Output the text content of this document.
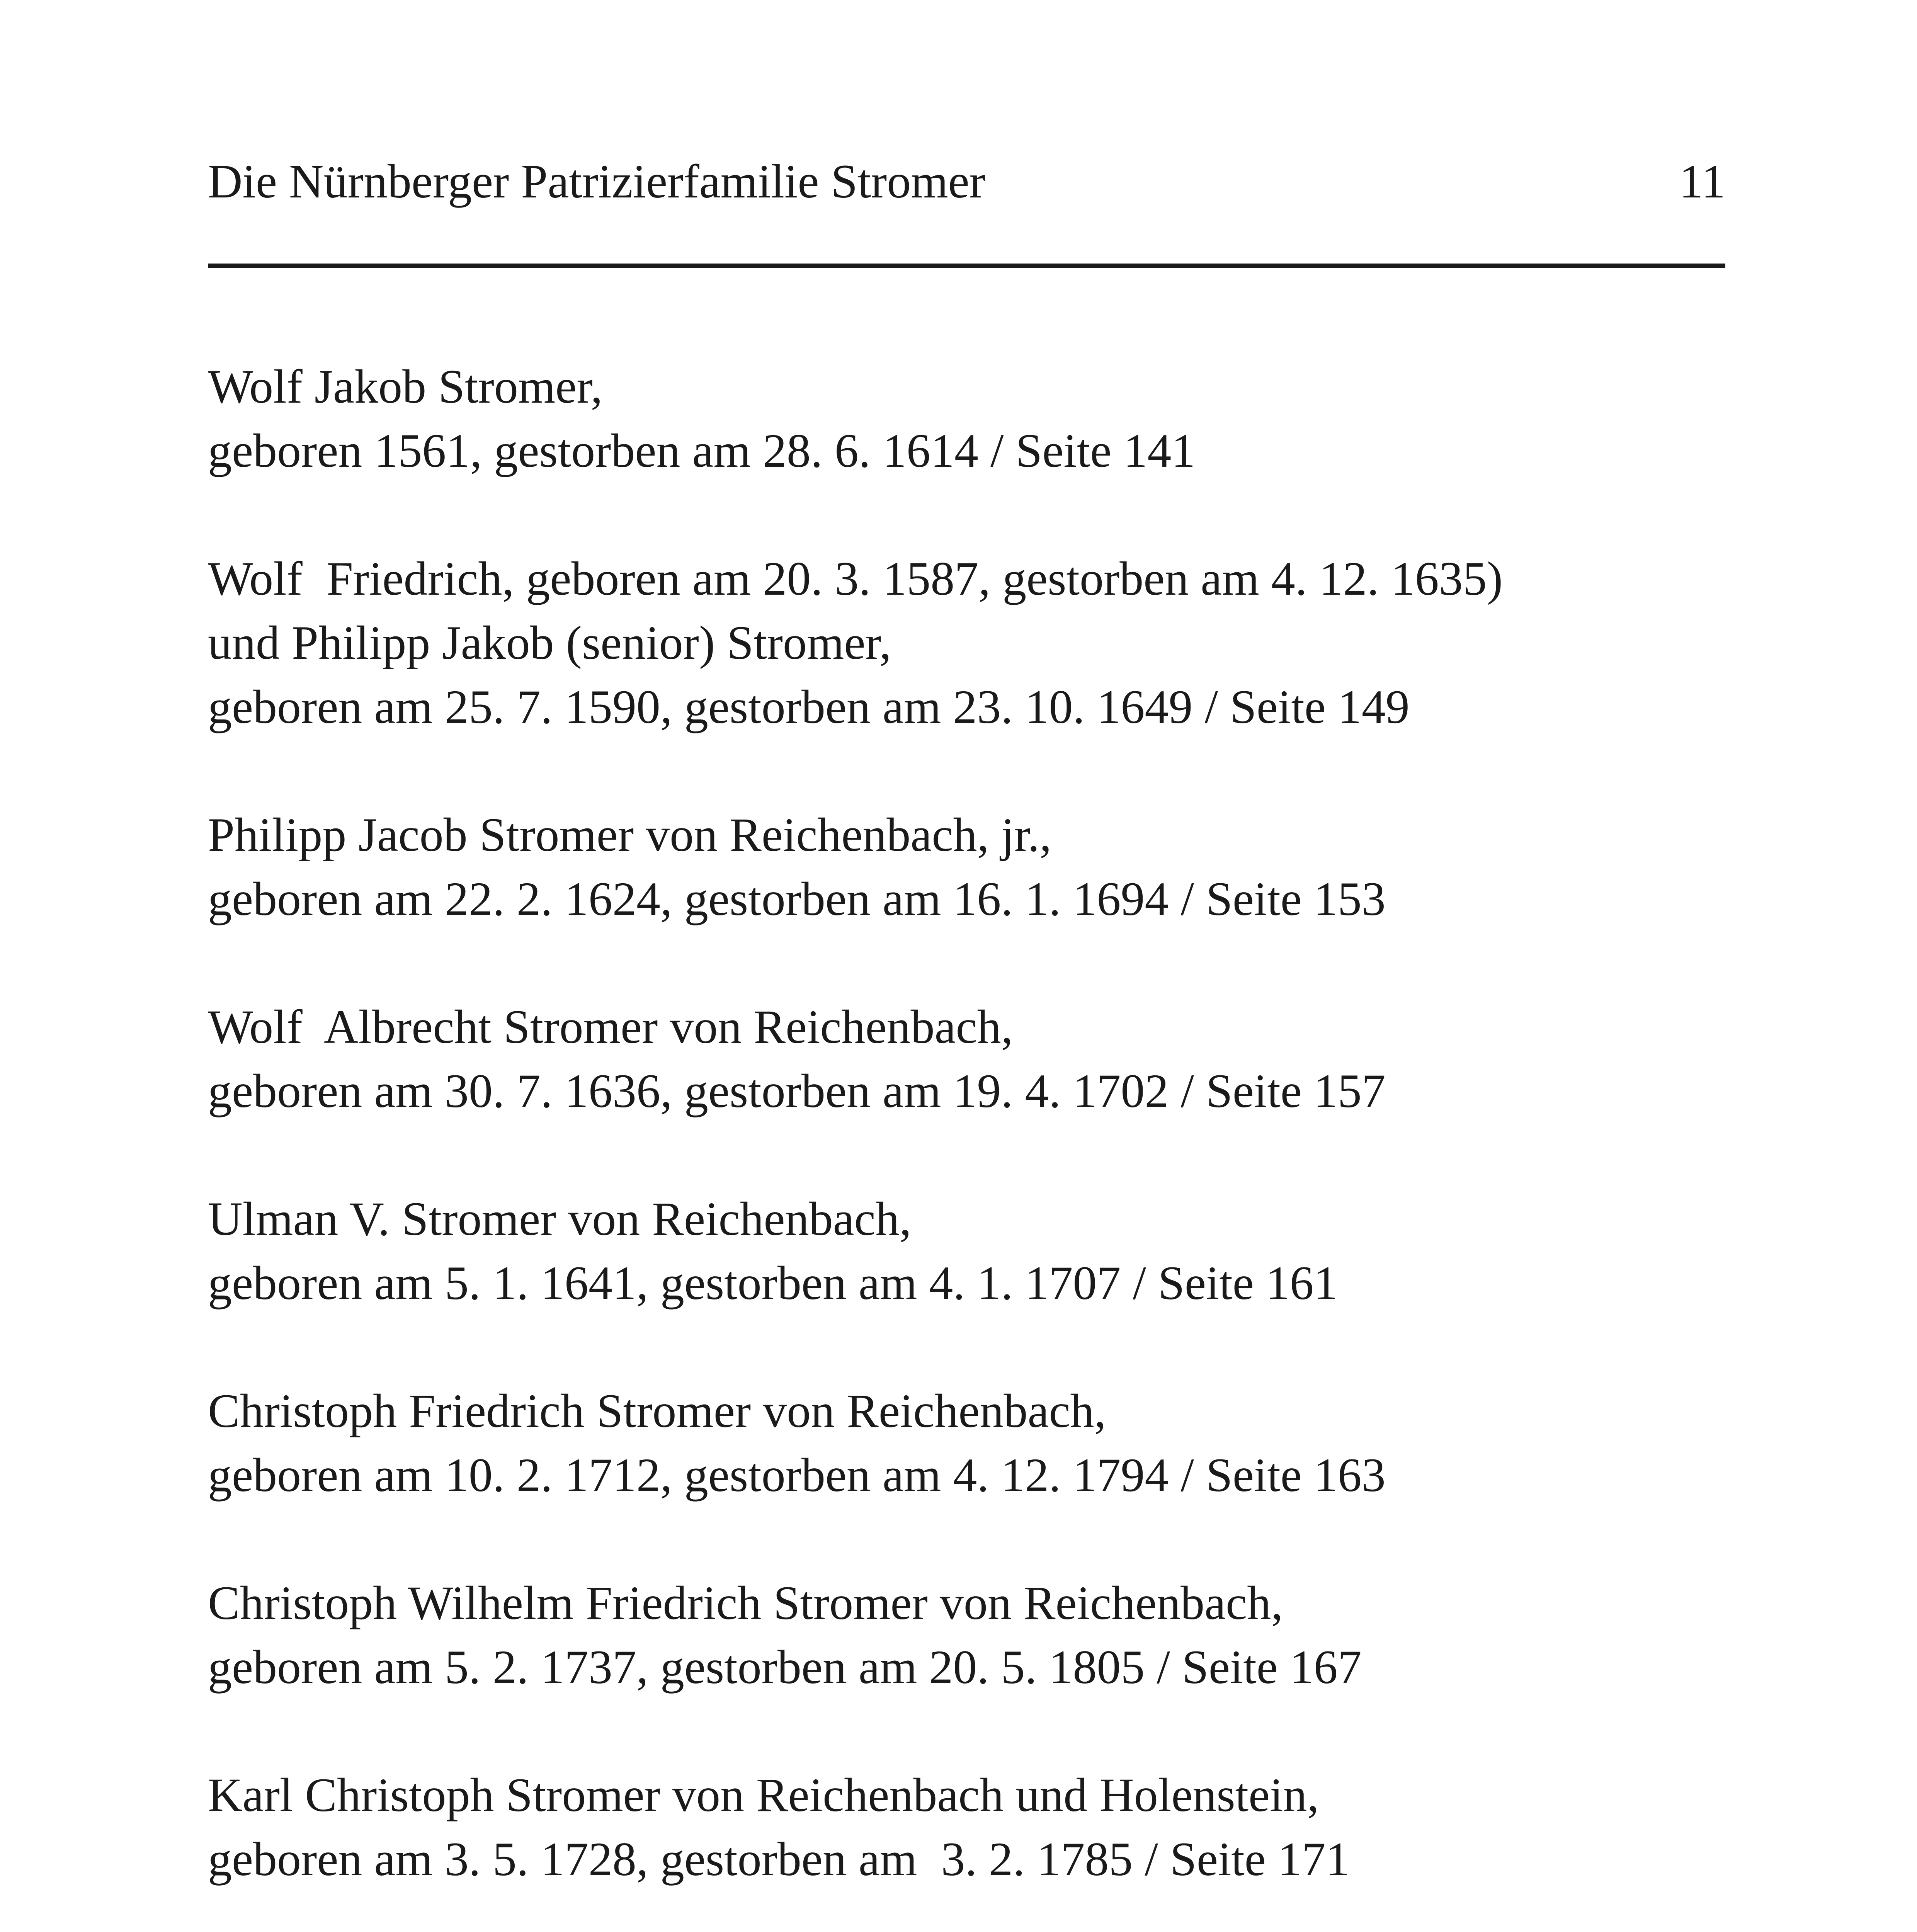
Die Nürnberger Patrizierfamilie Stromer	11
Wolf Jakob Stromer,
geboren 1561, gestorben am 28. 6. 1614 / Seite 141
Wolf  Friedrich, geboren am 20. 3. 1587, gestorben am 4. 12. 1635)
und Philipp Jakob (senior) Stromer,
geboren am 25. 7. 1590, gestorben am 23. 10. 1649 / Seite 149
Philipp Jacob Stromer von Reichenbach, jr.,
geboren am 22. 2. 1624, gestorben am 16. 1. 1694 / Seite 153
Wolf  Albrecht Stromer von Reichenbach,
geboren am 30. 7. 1636, gestorben am 19. 4. 1702 / Seite 157
Ulman V. Stromer von Reichenbach,
geboren am 5. 1. 1641, gestorben am 4. 1. 1707 / Seite 161
Christoph Friedrich Stromer von Reichenbach,
geboren am 10. 2. 1712, gestorben am 4. 12. 1794 / Seite 163
Christoph Wilhelm Friedrich Stromer von Reichenbach,
geboren am 5. 2. 1737, gestorben am 20. 5. 1805 / Seite 167
Karl Christoph Stromer von Reichenbach und Holenstein,
geboren am 3. 5. 1728, gestorben am  3. 2. 1785 / Seite 171
